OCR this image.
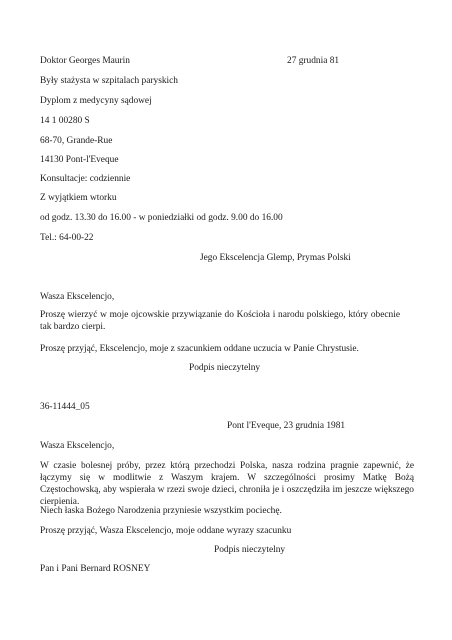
Doktor Georges Maurin	27 grudnia 81

Były stażysta w szpitalach paryskich

Dyplom z medycyny sądowej

14 1 00280 S

68-70, Grande-Rue

14130 Pont-l'Eveque

Konsultacje: codziennie

Z wyjątkiem wtorku

od godz. 13.30 do 16.00 - w poniedziałki od godz. 9.00 do 16.00

Tel.: 64-00-22

Jego Ekscelencja Glemp, Prymas Polski

Wasza Ekscelencjo,

Proszę wierzyć w moje ojcowskie przywiązanie do Kościoła i narodu polskiego, który obecnie tak bardzo cierpi.

Proszę przyjąć, Ekscelencjo, moje z szacunkiem oddane uczucia w Panie Chrystusie.

Podpis nieczytelny

36-11444_05

Pont l'Eveque, 23 grudnia 1981

Wasza Ekscelencjo,

W czasie bolesnej próby, przez którą przechodzi Polska, nasza rodzina pragnie zapewnić, że łączymy się w modlitwie z Waszym krajem. W szczególności prosimy Matkę Bożą Częstochowską, aby wspierała w rzezi swoje dzieci, chroniła je i oszczędziła im jeszcze większego cierpienia.

Niech łaska Bożego Narodzenia przyniesie wszystkim pociechę.

Proszę przyjąć, Wasza Ekscelencjo, moje oddane wyrazy szacunku

Podpis nieczytelny

Pan i Pani Bernard ROSNEY
